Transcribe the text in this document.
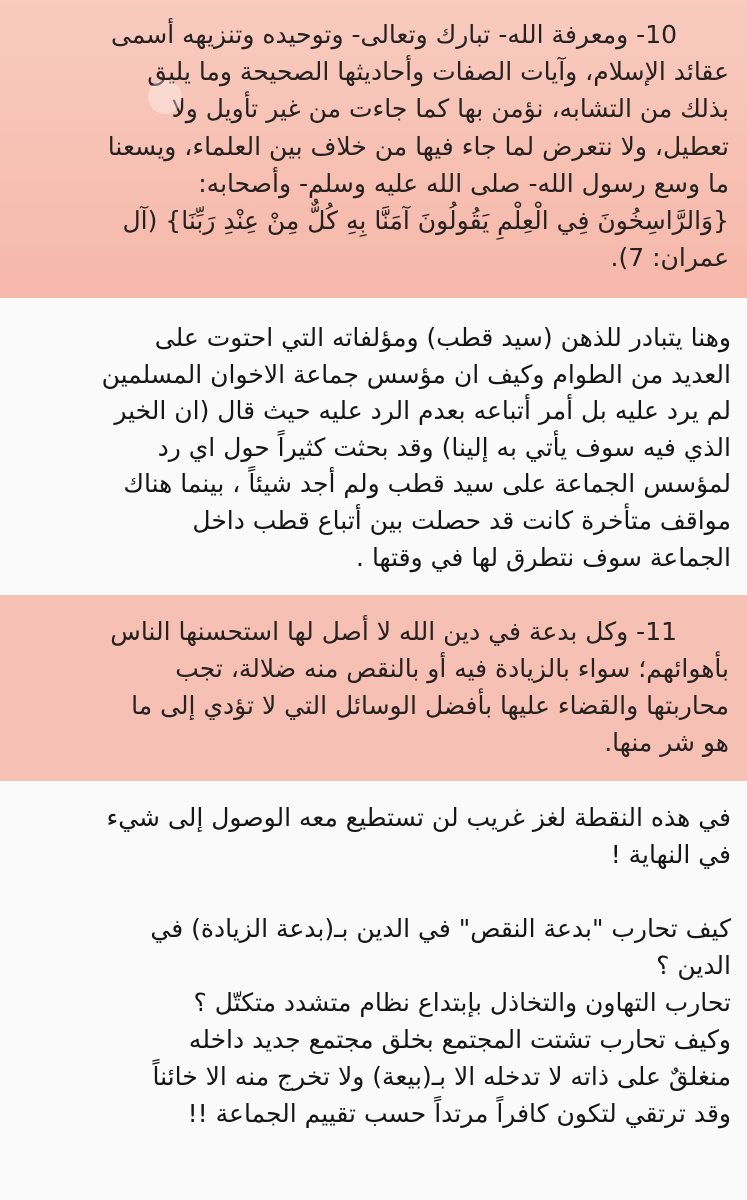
10- ومعرفة الله- تبارك وتعالى- وتوحيده وتنزيهه أسمى

عقائد الإسلام، وآيات الصفات وأحاديثها الصحيحة وما يليق

بذلك من التشابه، نؤمن بها كما جاءت من غير تأويل ولا

تعطيل، ولا نتعرض لما جاء فيها من خلاف بين العلماء، ويسعنا

ما وسع رسول الله- صلى الله عليه وسلم- وأصحابه:

{وَالرَّاسِخُونَ فِي الْعِلْمِ يَقُولُونَ آمَنَّا بِهِ كُلٌّ مِنْ عِنْدِ رَبِّنَا} (آل

عمران: 7).

وهنا يتبادر للذهن (سيد قطب) ومؤلفاته التي احتوت على

العديد من الطوام وكيف ان مؤسس جماعة الاخوان المسلمين

لم يرد عليه بل أمر أتباعه بعدم الرد عليه حيث قال (ان الخير

الذي فيه سوف يأتي به إلينا) وقد بحثت كثيراً حول اي رد

لمؤسس الجماعة على سيد قطب ولم أجد شيئاً ، بينما هناك

مواقف متأخرة كانت قد حصلت بين أتباع قطب داخل

الجماعة سوف نتطرق لها في وقتها .

11- وكل بدعة في دين الله لا أصل لها استحسنها الناس

بأهوائهم؛ سواء بالزيادة فيه أو بالنقص منه ضلالة، تجب

محاربتها والقضاء عليها بأفضل الوسائل التي لا تؤدي إلى ما

هو شر منها.

في هذه النقطة لغز غريب لن تستطيع معه الوصول إلى شيء

في النهاية !

كيف تحارب "بدعة النقص" في الدين بـ(بدعة الزيادة) في

الدين ؟

تحارب التهاون والتخاذل بإبتداع نظام متشدد متكتّل ؟

وكيف تحارب تشتت المجتمع بخلق مجتمع جديد داخله

منغلقٌ على ذاته لا تدخله الا بـ(بيعة) ولا تخرج منه الا خائناً

وقد ترتقي لتكون كافراً مرتداً حسب تقييم الجماعة !!
